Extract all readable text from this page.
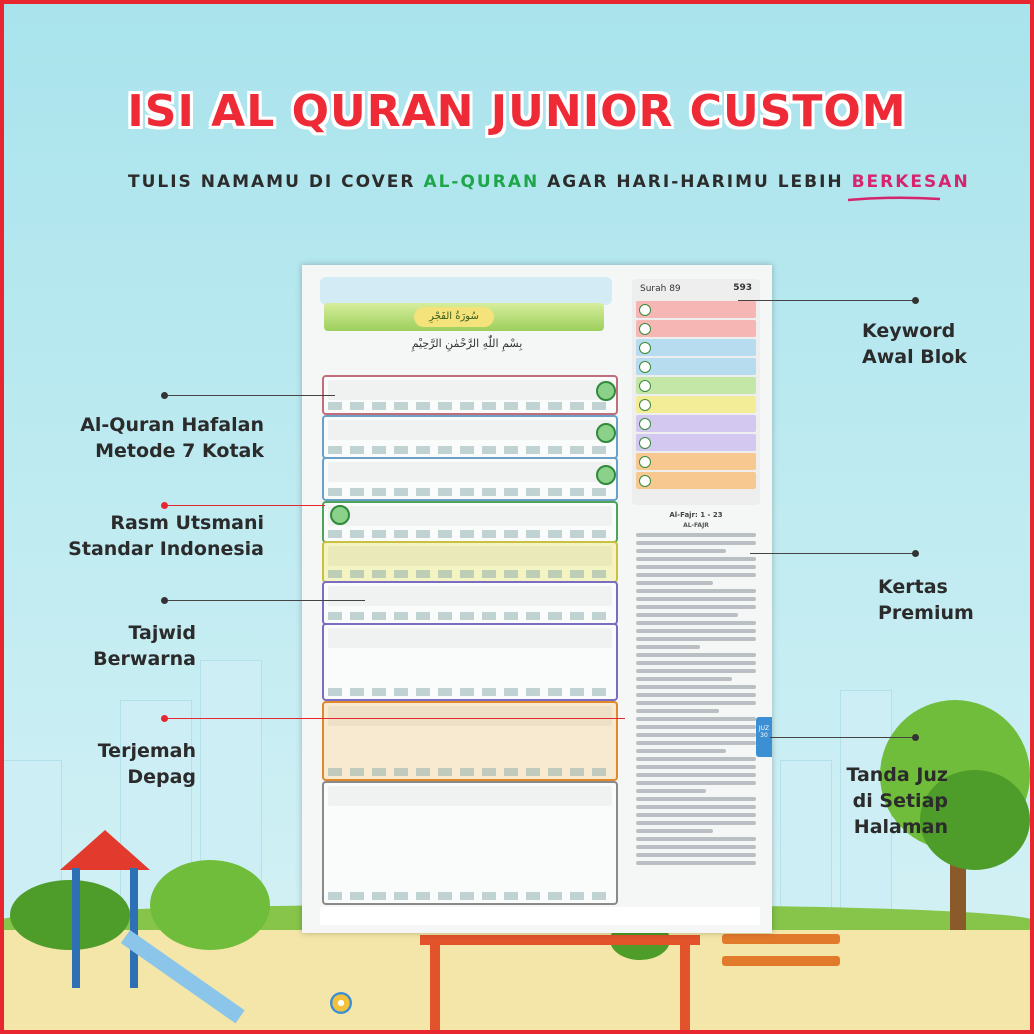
ISI AL QURAN JUNIOR CUSTOM
TULIS NAMAMU DI COVER AL-QURAN AGAR HARI-HARIMU LEBIH BERKESAN
سُورَةُ الفَجْرِ
بِسْمِ اللّٰهِ الرَّحْمٰنِ الرَّحِيْمِ
Surah 89	593
Al-Fajr: 1 - 23
AL-FAJR
JUZ 30
Keyword
Awal Blok
Al-Quran Hafalan
Metode 7 Kotak
Rasm Utsmani
Standar Indonesia
Kertas
Premium
Tajwid
Berwarna
Terjemah
Depag	Tanda Juz
di Setiap
Halaman
